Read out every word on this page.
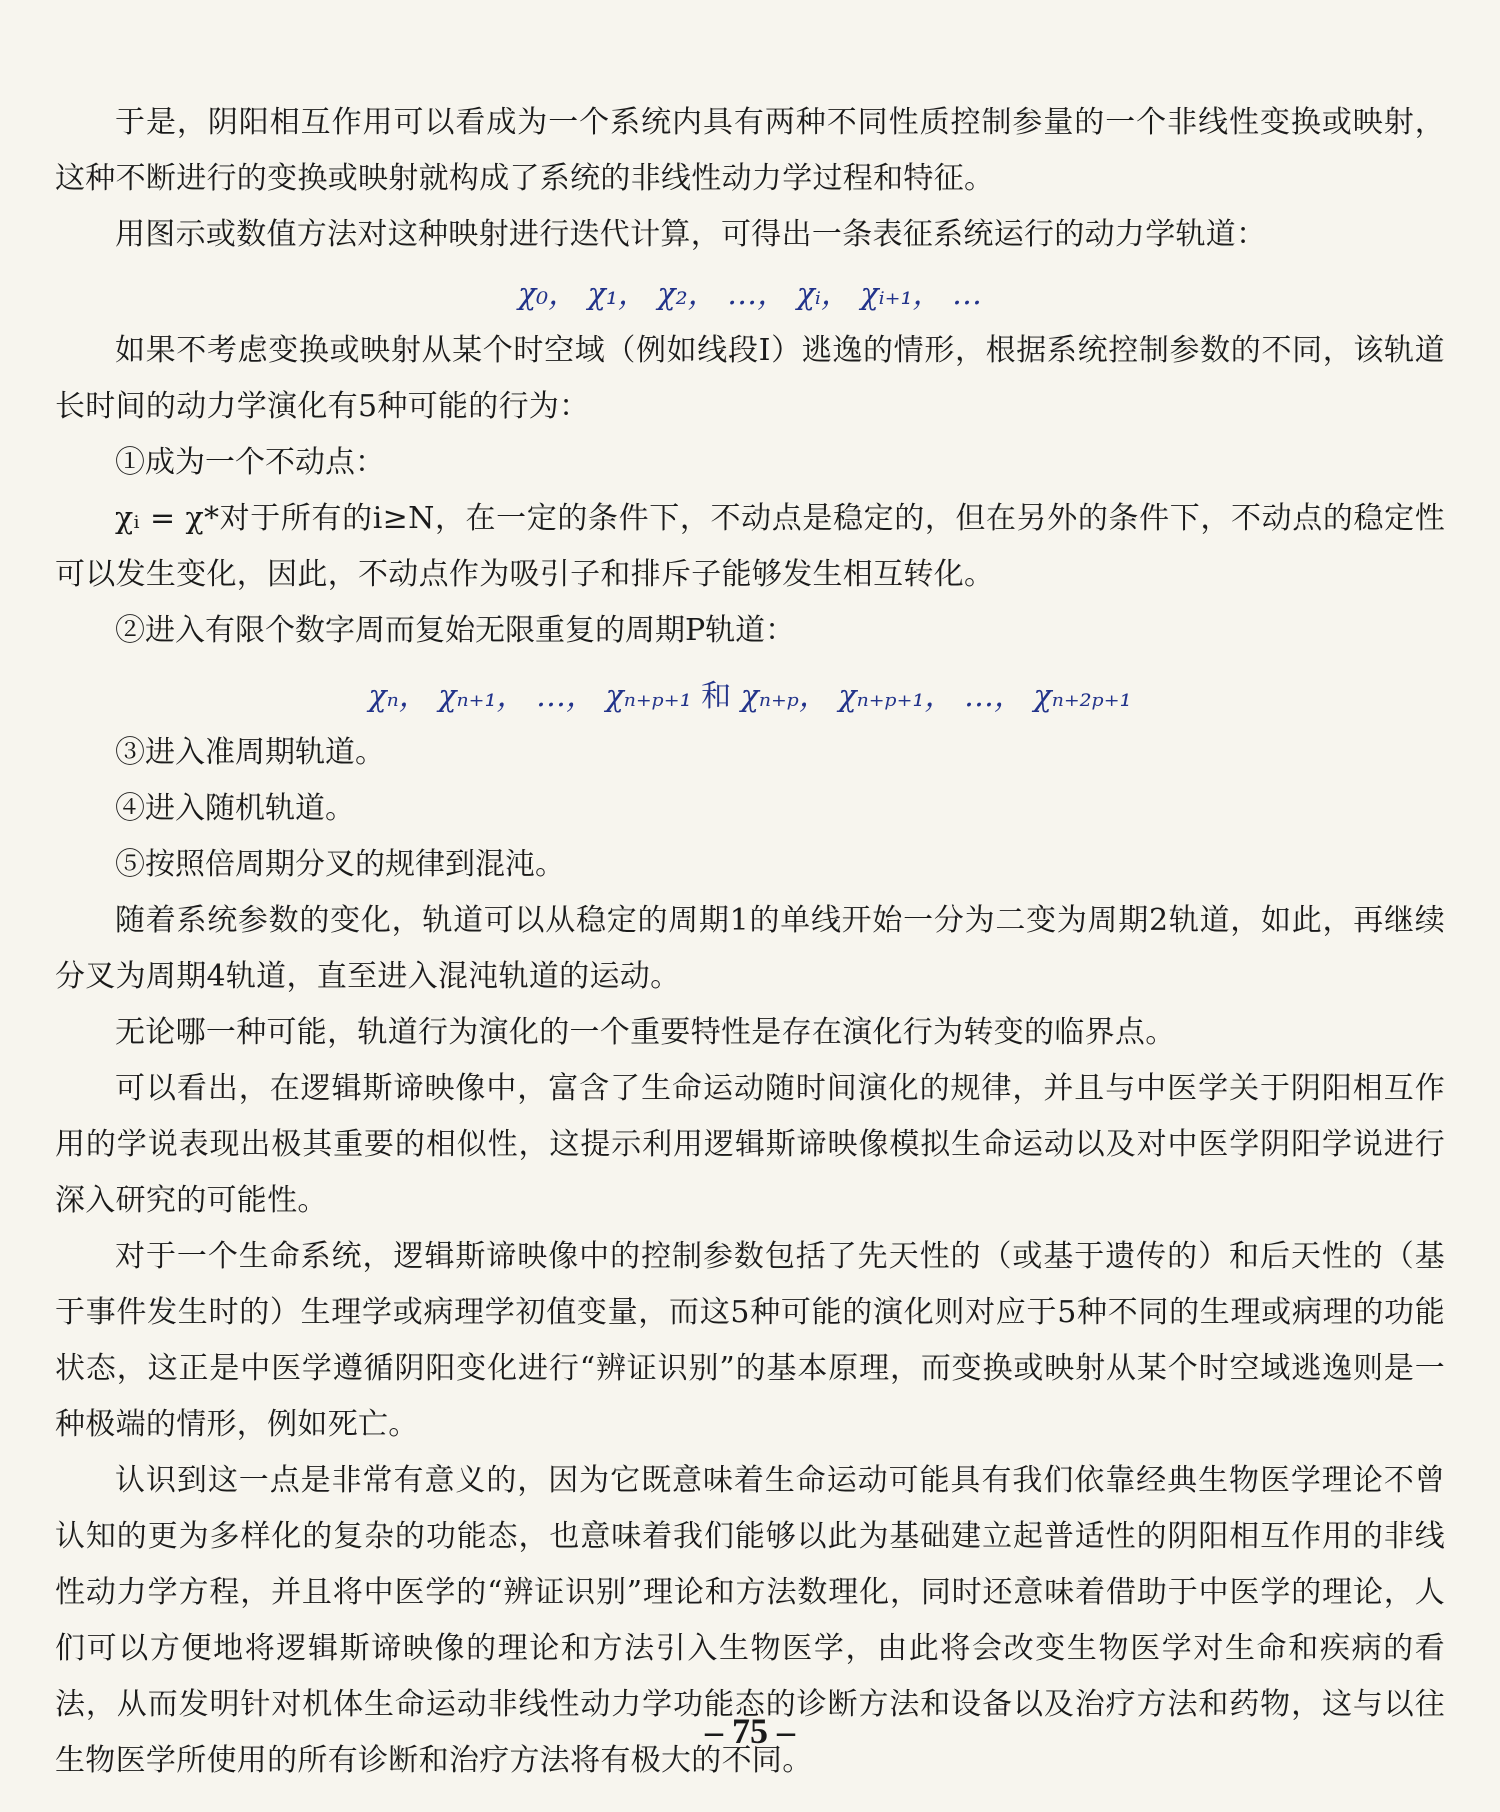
于是，阴阳相互作用可以看成为一个系统内具有两种不同性质控制参量的一个非线性变换或映射，这种不断进行的变换或映射就构成了系统的非线性动力学过程和特征。

用图示或数值方法对这种映射进行迭代计算，可得出一条表征系统运行的动力学轨道：

χ₀， χ₁， χ₂， …， χᵢ， χᵢ₊₁， …

如果不考虑变换或映射从某个时空域（例如线段I）逃逸的情形，根据系统控制参数的不同，该轨道长时间的动力学演化有5种可能的行为：

①成为一个不动点：

χᵢ = χ*对于所有的i≥N，在一定的条件下，不动点是稳定的，但在另外的条件下，不动点的稳定性可以发生变化，因此，不动点作为吸引子和排斥子能够发生相互转化。

②进入有限个数字周而复始无限重复的周期P轨道：

χₙ， χₙ₊₁， …， χₙ₊ₚ₊₁ 和 χₙ₊ₚ， χₙ₊ₚ₊₁， …， χₙ₊₂ₚ₊₁

③进入准周期轨道。

④进入随机轨道。

⑤按照倍周期分叉的规律到混沌。

随着系统参数的变化，轨道可以从稳定的周期1的单线开始一分为二变为周期2轨道，如此，再继续分叉为周期4轨道，直至进入混沌轨道的运动。

无论哪一种可能，轨道行为演化的一个重要特性是存在演化行为转变的临界点。

可以看出，在逻辑斯谛映像中，富含了生命运动随时间演化的规律，并且与中医学关于阴阳相互作用的学说表现出极其重要的相似性，这提示利用逻辑斯谛映像模拟生命运动以及对中医学阴阳学说进行深入研究的可能性。

对于一个生命系统，逻辑斯谛映像中的控制参数包括了先天性的（或基于遗传的）和后天性的（基于事件发生时的）生理学或病理学初值变量，而这5种可能的演化则对应于5种不同的生理或病理的功能状态，这正是中医学遵循阴阳变化进行“辨证识别”的基本原理，而变换或映射从某个时空域逃逸则是一种极端的情形，例如死亡。

认识到这一点是非常有意义的，因为它既意味着生命运动可能具有我们依靠经典生物医学理论不曾认知的更为多样化的复杂的功能态，也意味着我们能够以此为基础建立起普适性的阴阳相互作用的非线性动力学方程，并且将中医学的“辨证识别”理论和方法数理化，同时还意味着借助于中医学的理论，人们可以方便地将逻辑斯谛映像的理论和方法引入生物医学，由此将会改变生物医学对生命和疾病的看法，从而发明针对机体生命运动非线性动力学功能态的诊断方法和设备以及治疗方法和药物，这与以往生物医学所使用的所有诊断和治疗方法将有极大的不同。

– 75 –
